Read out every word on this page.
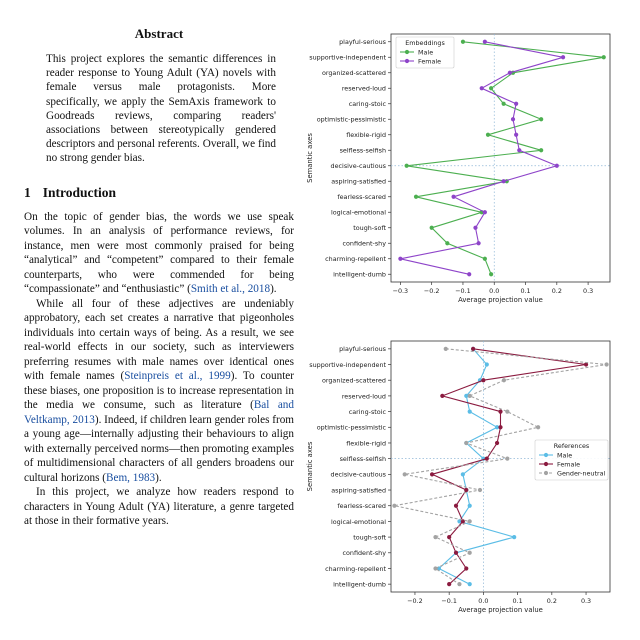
Abstract

This project explores the semantic differences in reader response to Young Adult (YA) novels with female versus male protagonists. More specifically, we apply the SemAxis framework to Goodreads reviews, comparing readers' associations between stereotypically gendered descriptors and personal referents. Overall, we find no strong gender bias.

1 Introduction

On the topic of gender bias, the words we use speak volumes. In an analysis of performance reviews, for instance, men were most commonly praised for being “analytical” and “competent” compared to their female counterparts, who were commended for being “compassionate” and “enthusiastic” (Smith et al., 2018).

While all four of these adjectives are undeniably approbatory, each set creates a narrative that pigeonholes individuals into certain ways of being. As a result, we see real-world effects in our society, such as interviewers preferring resumes with male names over identical ones with female names (Steinpreis et al., 1999). To counter these biases, one proposition is to increase representation in the media we consume, such as literature (Bal and Veltkamp, 2013). Indeed, if children learn gender roles from a young age—internally adjusting their behaviours to align with externally perceived norms—then promoting examples of multidimensional characters of all genders broadens our cultural horizons (Bem, 1983).

In this project, we analyze how readers respond to characters in Young Adult (YA) literature, a genre targeted at those in their formative years.

playful-serious
supportive-independent
organized-scattered
reserved-loud
caring-stoic
optimistic-pessimistic
flexible-rigid
selfless-selfish
decisive-cautious
aspiring-satisfied
fearless-scared
logical-emotional
tough-soft
confident-shy
charming-repellent
intelligent-dumb
−0.3 −0.2 −0.1	0.0	0.1	0.2	0.3
Average projection value
Semantic axes
Embeddings
Male
Female
playful-serious
supportive-independent
organized-scattered
reserved-loud
caring-stoic
optimistic-pessimistic
flexible-rigid
selfless-selfish
decisive-cautious
aspiring-satisfied
fearless-scared
logical-emotional
tough-soft
confident-shy
charming-repellent
intelligent-dumb
−0.2	−0.1	0.0	0.1	0.2	0.3
Average projection value
Semantic axes	References
Male
Female
Gender-neutral
